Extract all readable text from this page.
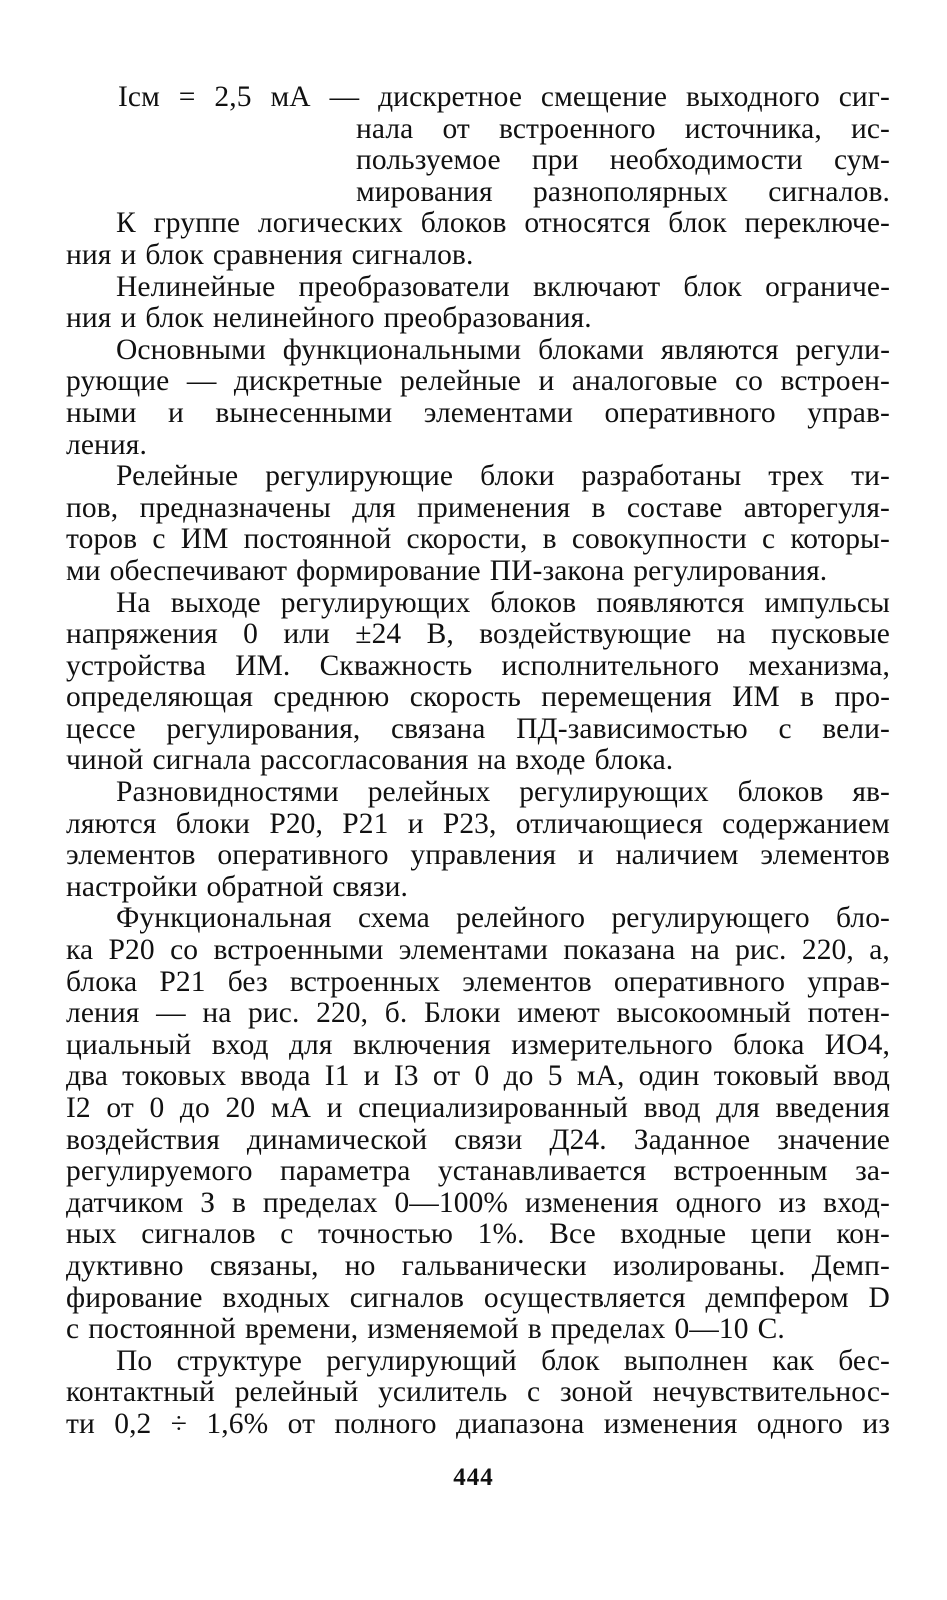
Iсм = 2,5 мА — дискретное смещение выходного сиг-
нала от встроенного источника, ис-
пользуемое при необходимости сум-
мирования разнополярных сигналов.
К группе логических блоков относятся блок переключе-
ния и блок сравнения сигналов.
Нелинейные преобразователи включают блок ограниче-
ния и блок нелинейного преобразования.
Основными функциональными блоками являются регули-
рующие — дискретные релейные и аналоговые со встроен-
ными и вынесенными элементами оперативного управ-
ления.
Релейные регулирующие блоки разработаны трех ти-
пов, предназначены для применения в составе авторегуля-
торов с ИМ постоянной скорости, в совокупности с которы-
ми обеспечивают формирование ПИ-закона регулирования.
На выходе регулирующих блоков появляются импульсы
напряжения 0 или ±24 В, воздействующие на пусковые
устройства ИМ. Скважность исполнительного механизма,
определяющая среднюю скорость перемещения ИМ в про-
цессе регулирования, связана ПД-зависимостью с вели-
чиной сигнала рассогласования на входе блока.
Разновидностями релейных регулирующих блоков яв-
ляются блоки Р20, Р21 и Р23, отличающиеся содержанием
элементов оперативного управления и наличием элементов
настройки обратной связи.
Функциональная схема релейного регулирующего бло-
ка Р20 со встроенными элементами показана на рис. 220, а,
блока Р21 без встроенных элементов оперативного управ-
ления — на рис. 220, б. Блоки имеют высокоомный потен-
циальный вход для включения измерительного блока ИО4,
два токовых ввода I1 и I3 от 0 до 5 мА, один токовый ввод
I2 от 0 до 20 мА и специализированный ввод для введения
воздействия динамической связи Д24. Заданное значение
регулируемого параметра устанавливается встроенным за-
датчиком З в пределах 0—100% изменения одного из вход-
ных сигналов с точностью 1%. Все входные цепи кон-
дуктивно связаны, но гальванически изолированы. Демп-
фирование входных сигналов осуществляется демпфером D
с постоянной времени, изменяемой в пределах 0—10 С.
По структуре регулирующий блок выполнен как бес-
контактный релейный усилитель с зоной нечувствительнос-
ти 0,2 ÷ 1,6% от полного диапазона изменения одного из
444
